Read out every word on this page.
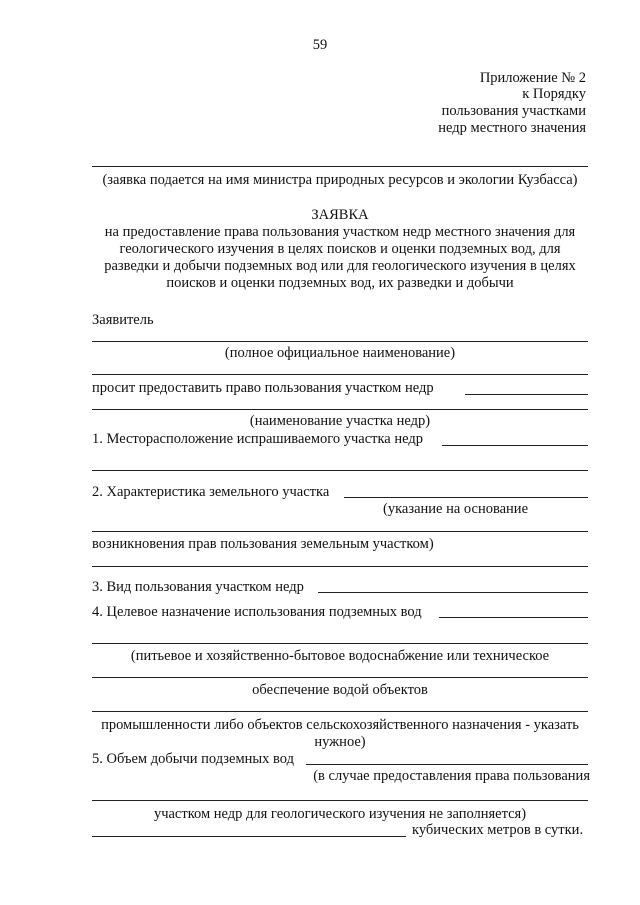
59
Приложение № 2
к Порядку
пользования участками
недр местного значения
(заявка подается на имя министра природных ресурсов и экологии Кузбасса)
ЗАЯВКА
на предоставление права пользования участком недр местного значения для
геологического изучения в целях поисков и оценки подземных вод, для
разведки и добычи подземных вод или для геологического изучения в целях
поисков и оценки подземных вод, их разведки и добычи
Заявитель
(полное официальное наименование)
просит предоставить право пользования участком недр
(наименование участка недр)
1. Месторасположение испрашиваемого участка недр
2. Характеристика земельного участка
(указание на основание
возникновения прав пользования земельным участком)
3. Вид пользования участком недр
4. Целевое назначение использования подземных вод
(питьевое и хозяйственно-бытовое водоснабжение или техническое
обеспечение водой объектов
промышленности либо объектов сельскохозяйственного назначения - указать
нужное)
5. Объем добычи подземных вод
(в случае предоставления права пользования
участком недр для геологического изучения не заполняется)
кубических метров в сутки.
